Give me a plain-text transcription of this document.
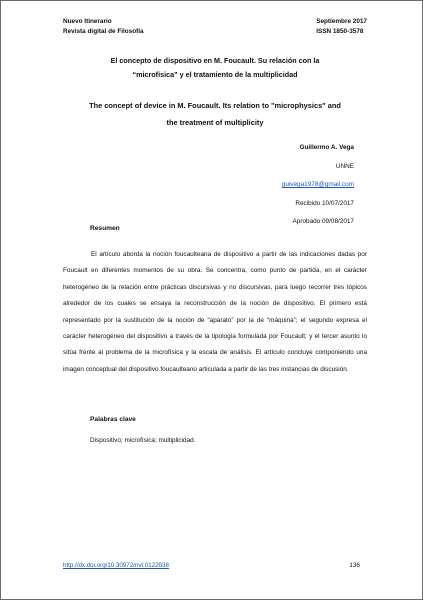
Nuevo Itinerario
Revista digital de Filosofía
Septiembre 2017
ISSN 1850-3578
El concepto de dispositivo en M. Foucault. Su relación con la
“microfísica” y el tratamiento de la multiplicidad
The concept of device in M. Foucault. Its relation to "microphysics" and
the treatment of multiplicity
Guillermo A. Vega
UNNE
guivega1978@gmail.com
Recibido 10/07/2017
Aprobado 09/08/2017
Resumen

El artículo aborda la noción foucaulteana de dispositivo a partir de las indicaciones dadas por Foucault en diferentes momentos de su obra. Se concentra, como punto de partida, en el carácter heterogéneo de la relación entre prácticas discursivas y no discursivas, para luego recorrer tres tópicos alrededor de los cuales se ensaya la reconstrucción de la noción de dispositivo. El primero está representado por la sustitución de la noción de “aparato” por la de “máquina”; el segundo expresa el carácter heterogéneo del dispositivo a través de la tipología formulada por Foucault; y el tercer asunto lo sitúa frente al problema de la microfísica y la escala de análisis. El artículo concluye componiendo una imagen conceptual del dispositivo foucaulteano articulada a partir de las tres instancias de discusión.

Palabras clave
Dispositivo; microfísica; multiplicidad.
http://dx.doi.org/10.30972/nvt.0122038	136
